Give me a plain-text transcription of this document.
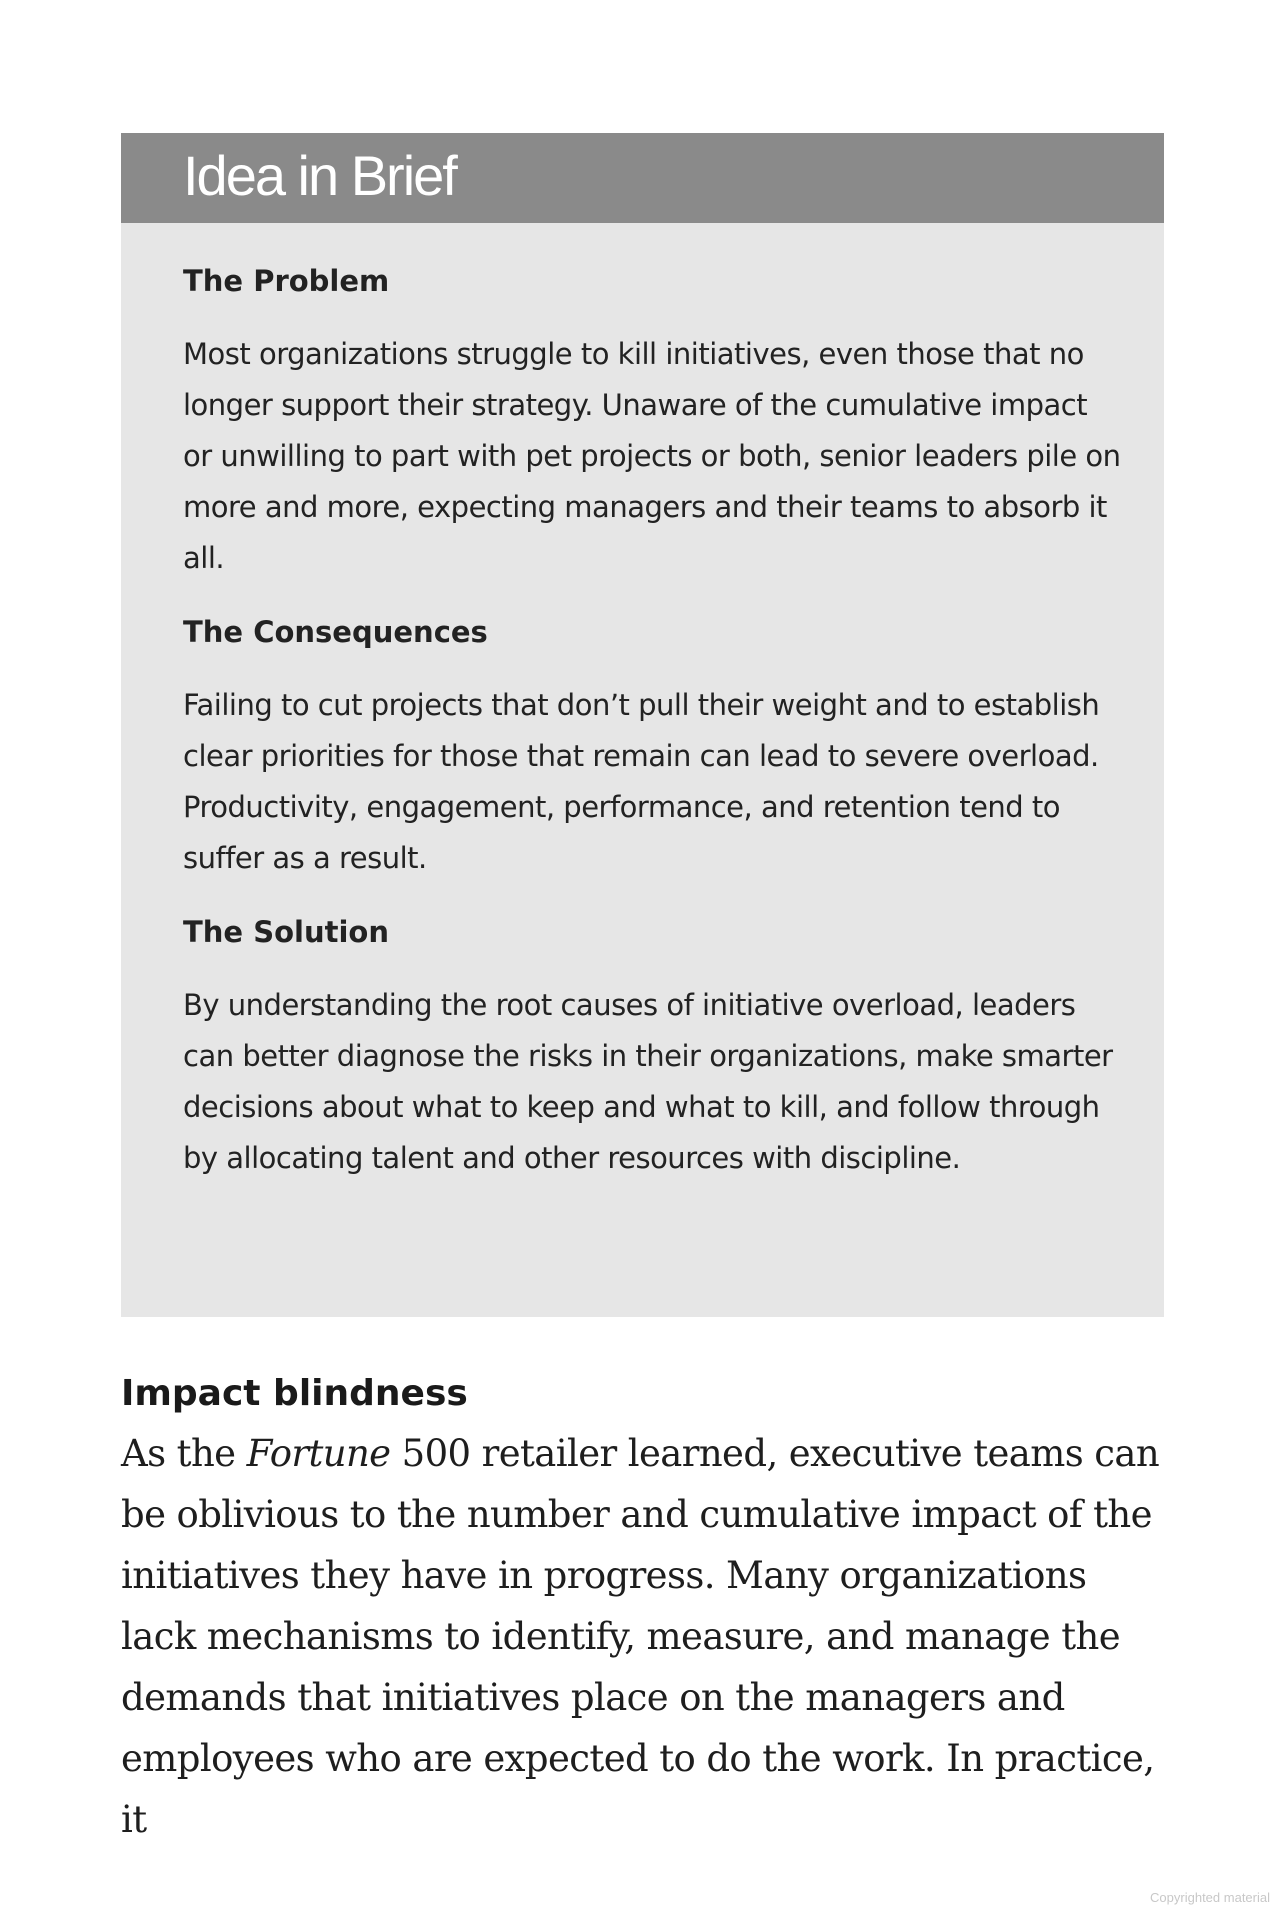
Idea in Brief
The Problem

Most organizations struggle to kill initiatives, even those that no longer support their strategy. Unaware of the cumulative impact or unwilling to part with pet projects or both, senior leaders pile on more and more, expecting managers and their teams to absorb it all.

The Consequences

Failing to cut projects that don’t pull their weight and to establish clear priorities for those that remain can lead to severe overload. Productivity, engagement, performance, and retention tend to suffer as a result.

The Solution

By understanding the root causes of initiative overload, leaders can better diagnose the risks in their organizations, make smarter decisions about what to keep and what to kill, and follow through by allocating talent and other resources with discipline.

Impact blindness

As the Fortune 500 retailer learned, executive teams can be oblivious to the number and cumulative impact of the initiatives they have in progress. Many organizations lack mechanisms to identify, measure, and manage the demands that initiatives place on the managers and employees who are expected to do the work. In practice, it

Copyrighted material
